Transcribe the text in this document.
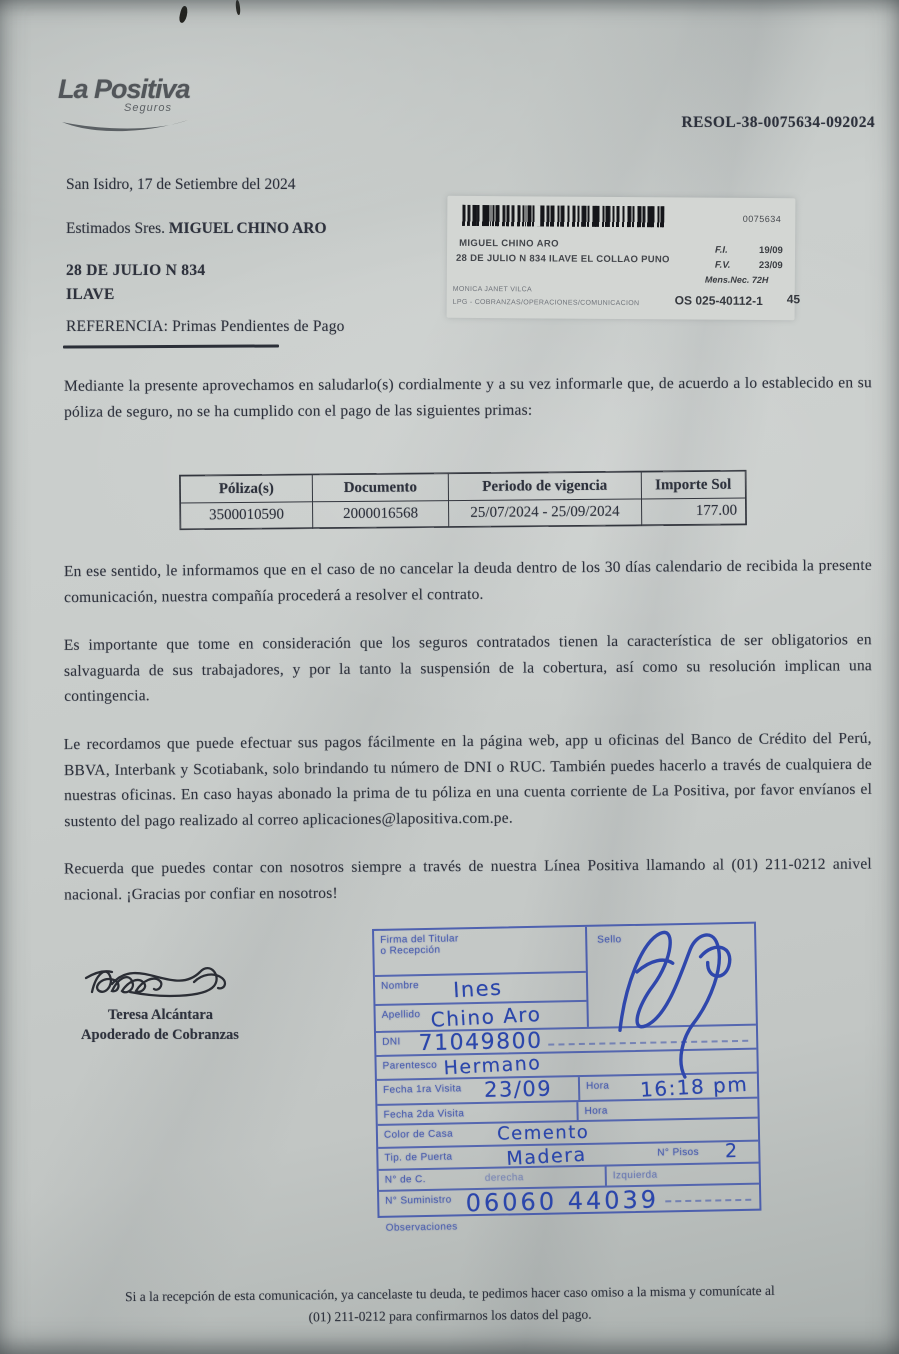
La Positiva
Seguros
RESOL-38-0075634-092024
San Isidro, 17 de Setiembre del 2024
Estimados Sres. MIGUEL CHINO ARO
28 DE JULIO N 834
ILAVE
REFERENCIA: Primas Pendientes de Pago
0075634
MIGUEL CHINO ARO
28 DE JULIO N 834 ILAVE EL COLLAO PUNO
F.I.	19/09
F.V.	23/09
Mens.Nec. 72H
MONICA JANET VILCA
LPG - COBRANZAS/OPERACIONES/COMUNICACION	OS 025-40112-1 45
Mediante la presente aprovechamos en saludarlo(s) cordialmente y a su vez informarle que, de acuerdo a lo establecido en su póliza de seguro, no se ha cumplido con el pago de las siguientes primas:
Póliza(s)	Documento	Periodo de vigencia	Importe Sol
3500010590	2000016568	25/07/2024 - 25/09/2024	177.00
En ese sentido, le informamos que en el caso de no cancelar la deuda dentro de los 30 días calendario de recibida la presente comunicación, nuestra compañía procederá a resolver el contrato.
Es importante que tome en consideración que los seguros contratados tienen la característica de ser obligatorios en salvaguarda de sus trabajadores, y por la tanto la suspensión de la cobertura, así como su resolución implican una contingencia.
Le recordamos que puede efectuar sus pagos fácilmente en la página web, app u oficinas del Banco de Crédito del Perú, BBVA, Interbank y Scotiabank, solo brindando tu número de DNI o RUC. También puedes hacerlo a través de cualquiera de nuestras oficinas. En caso hayas abonado la prima de tu póliza en una cuenta corriente de La Positiva, por favor envíanos el sustento del pago realizado al correo aplicaciones@lapositiva.com.pe.
Recuerda que puedes contar con nosotros siempre a través de nuestra Línea Positiva llamando al (01) 211-0212 anivel nacional. ¡Gracias por confiar en nosotros!
Teresa Alcántara
Apoderado de Cobranzas
Firma del Titular
o Recepción
Nombre Ines
Apellido Chino Aro
Sello
DNI 71049800
Parentesco Hermano
Fecha 1ra Visita	23/09	Hora	16:18 pm
Fecha 2da Visita	Hora
Color de Casa Cemento
Tip. de Puerta	Madera	N° Pisos 2
N° de C.	derecha	Izquierda
N° Suministro 06060 44039
Observaciones
Si a la recepción de esta comunicación, ya cancelaste tu deuda, te pedimos hacer caso omiso a la misma y comunícate al
(01) 211-0212 para confirmarnos los datos del pago.
